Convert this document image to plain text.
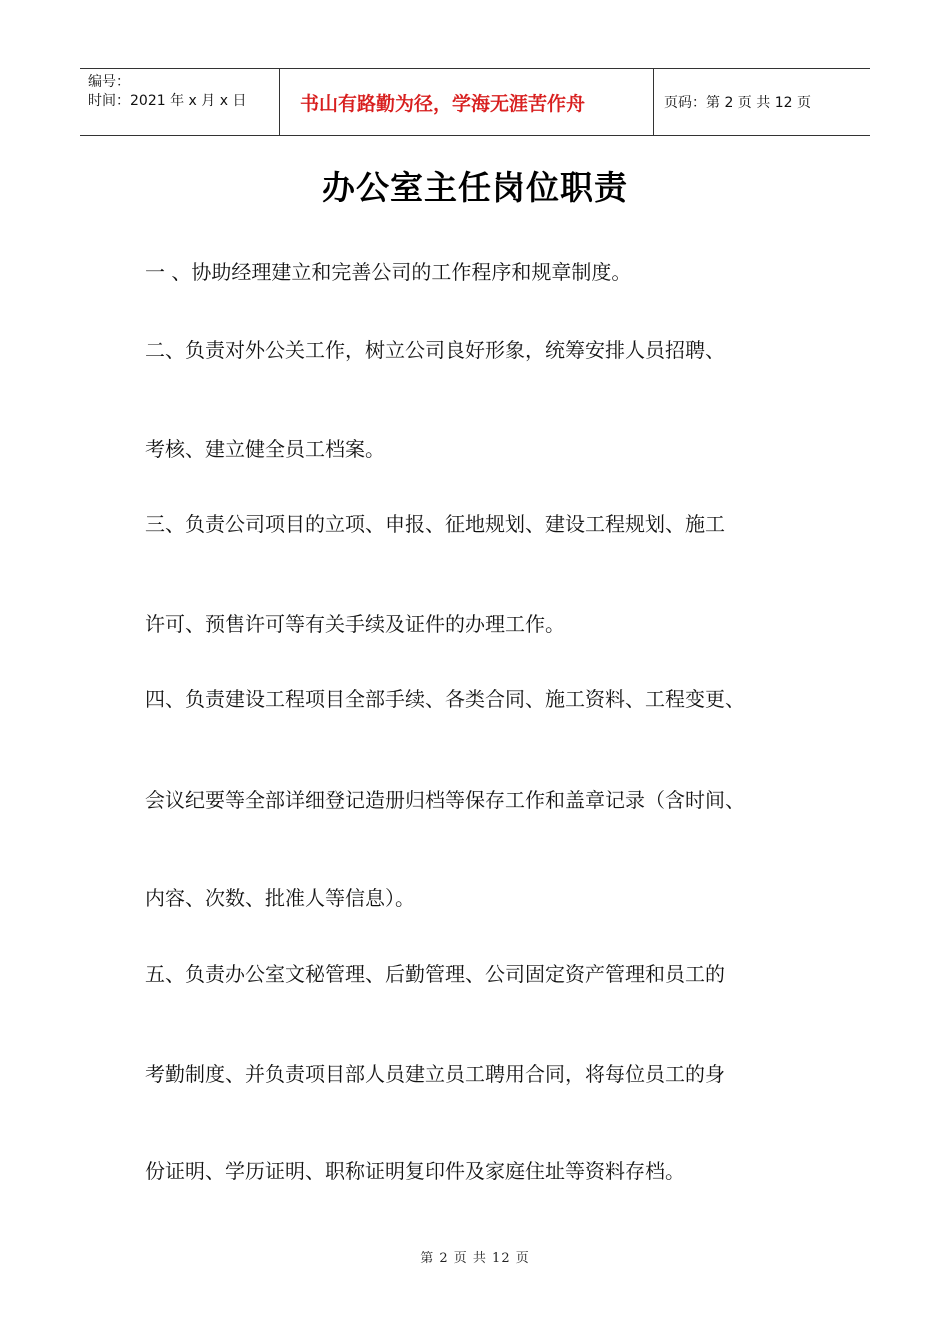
编号：
时间：2021 年 x 月 x 日	书山有路勤为径，学海无涯苦作舟	页码：第 2 页 共 12 页
办公室主任岗位职责
一 、协助经理建立和完善公司的工作程序和规章制度。
二、负责对外公关工作，树立公司良好形象，统筹安排人员招聘、
考核、建立健全员工档案。
三、负责公司项目的立项、申报、征地规划、建设工程规划、施工
许可、预售许可等有关手续及证件的办理工作。
四、负责建设工程项目全部手续、各类合同、施工资料、工程变更、
会议纪要等全部详细登记造册归档等保存工作和盖章记录（含时间、
内容、次数、批准人等信息）。
五、负责办公室文秘管理、后勤管理、公司固定资产管理和员工的
考勤制度、并负责项目部人员建立员工聘用合同，将每位员工的身
份证明、学历证明、职称证明复印件及家庭住址等资料存档。
第 2 页 共 12 页
